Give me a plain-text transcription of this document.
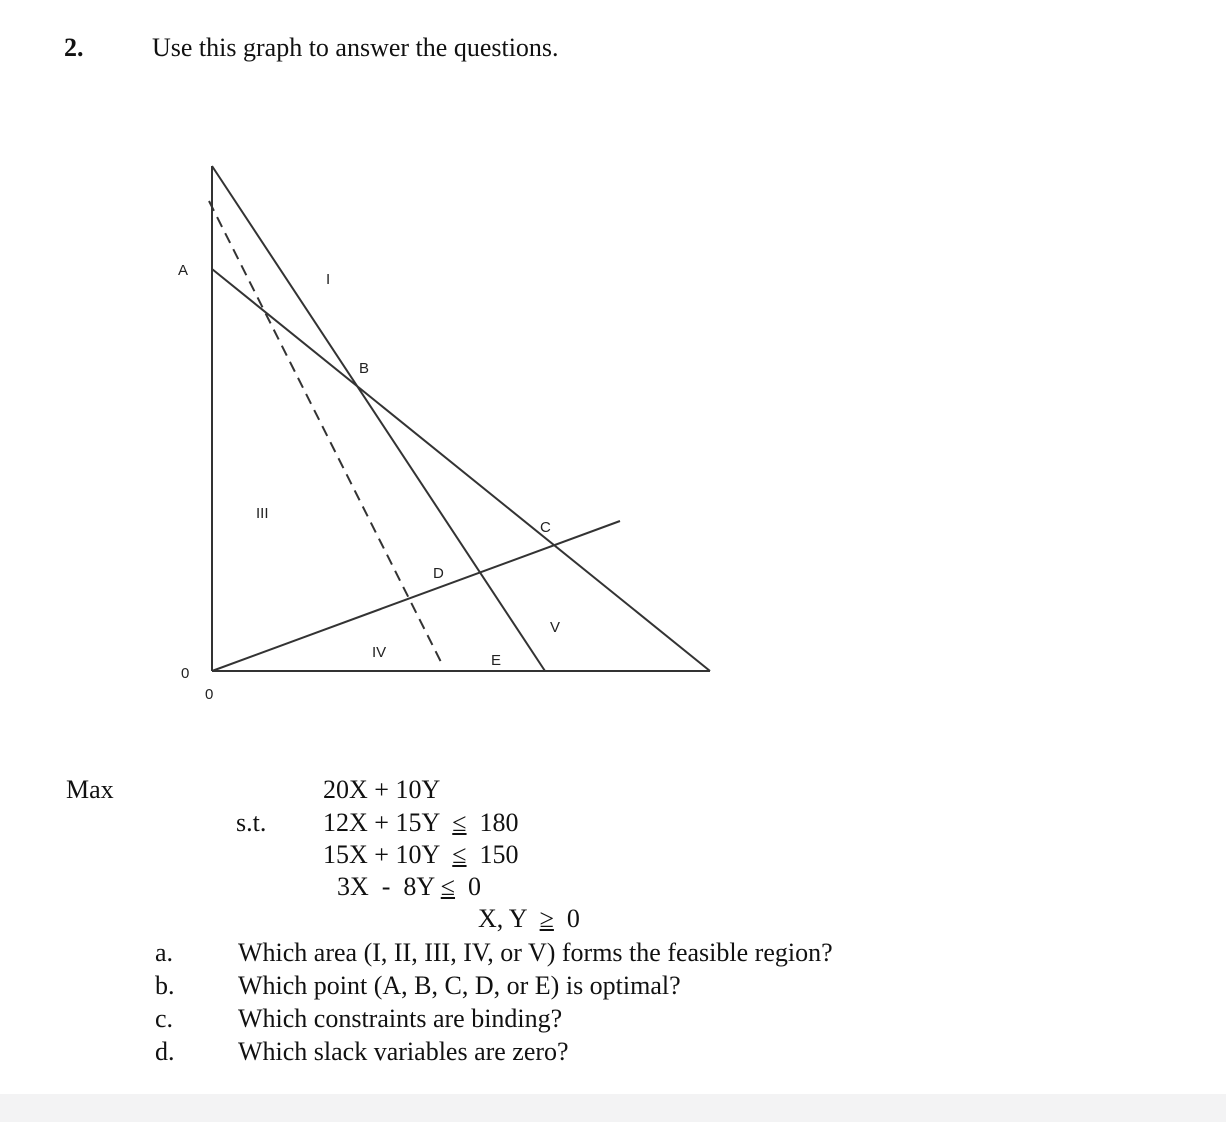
2.	Use this graph to answer the questions.
A
B
C
D
E
I
III
IV
V
0
0
Max	20X + 10Y
s.t. 12X + 15Y ≤ 180
15X + 10Y ≤ 150
3X  -  8Y ≤ 0
X, Y ≥ 0
a. Which area (I, II, III, IV, or V) forms the feasible region?
b. Which point (A, B, C, D, or E) is optimal?
c. Which constraints are binding?
d. Which slack variables are zero?
